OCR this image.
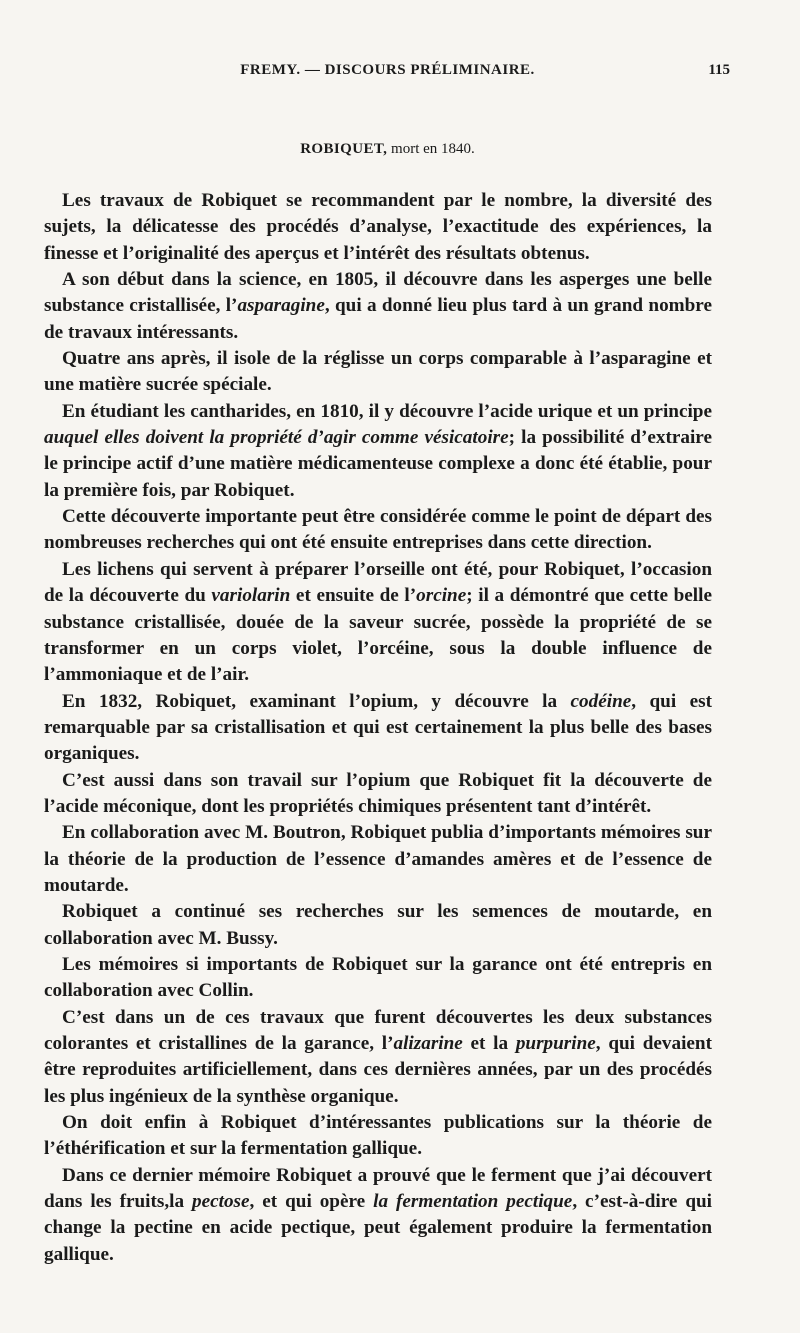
FREMY. — DISCOURS PRÉLIMINAIRE.	115
ROBIQUET, mort en 1840.

Les travaux de Robiquet se recommandent par le nombre, la diversité des sujets, la délicatesse des procédés d’analyse, l’exactitude des expériences, la finesse et l’originalité des aperçus et l’intérêt des résultats obtenus.

A son début dans la science, en 1805, il découvre dans les asperges une belle substance cristallisée, l’asparagine, qui a donné lieu plus tard à un grand nombre de travaux intéressants.

Quatre ans après, il isole de la réglisse un corps comparable à l’asparagine et une matière sucrée spéciale.

En étudiant les cantharides, en 1810, il y découvre l’acide urique et un principe auquel elles doivent la propriété d’agir comme vésicatoire; la possibilité d’extraire le principe actif d’une matière médicamenteuse complexe a donc été établie, pour la première fois, par Robiquet.

Cette découverte importante peut être considérée comme le point de départ des nombreuses recherches qui ont été ensuite entreprises dans cette direction.

Les lichens qui servent à préparer l’orseille ont été, pour Robiquet, l’occasion de la découverte du variolarin et ensuite de l’orcine; il a démontré que cette belle substance cristallisée, douée de la saveur sucrée, possède la propriété de se transformer en un corps violet, l’orcéine, sous la double influence de l’ammoniaque et de l’air.

En 1832, Robiquet, examinant l’opium, y découvre la codéine, qui est remarquable par sa cristallisation et qui est certainement la plus belle des bases organiques.

C’est aussi dans son travail sur l’opium que Robiquet fit la découverte de l’acide méconique, dont les propriétés chimiques présentent tant d’intérêt.

En collaboration avec M. Boutron, Robiquet publia d’importants mémoires sur la théorie de la production de l’essence d’amandes amères et de l’essence de moutarde.

Robiquet a continué ses recherches sur les semences de moutarde, en collaboration avec M. Bussy.

Les mémoires si importants de Robiquet sur la garance ont été entrepris en collaboration avec Collin.

C’est dans un de ces travaux que furent découvertes les deux substances colorantes et cristallines de la garance, l’alizarine et la purpurine, qui devaient être reproduites artificiellement, dans ces dernières années, par un des procédés les plus ingénieux de la synthèse organique.

On doit enfin à Robiquet d’intéressantes publications sur la théorie de l’éthérification et sur la fermentation gallique.

Dans ce dernier mémoire Robiquet a prouvé que le ferment que j’ai découvert dans les fruits,la pectose, et qui opère la fermentation pectique, c’est-à-dire qui change la pectine en acide pectique, peut également produire la fermentation gallique.
